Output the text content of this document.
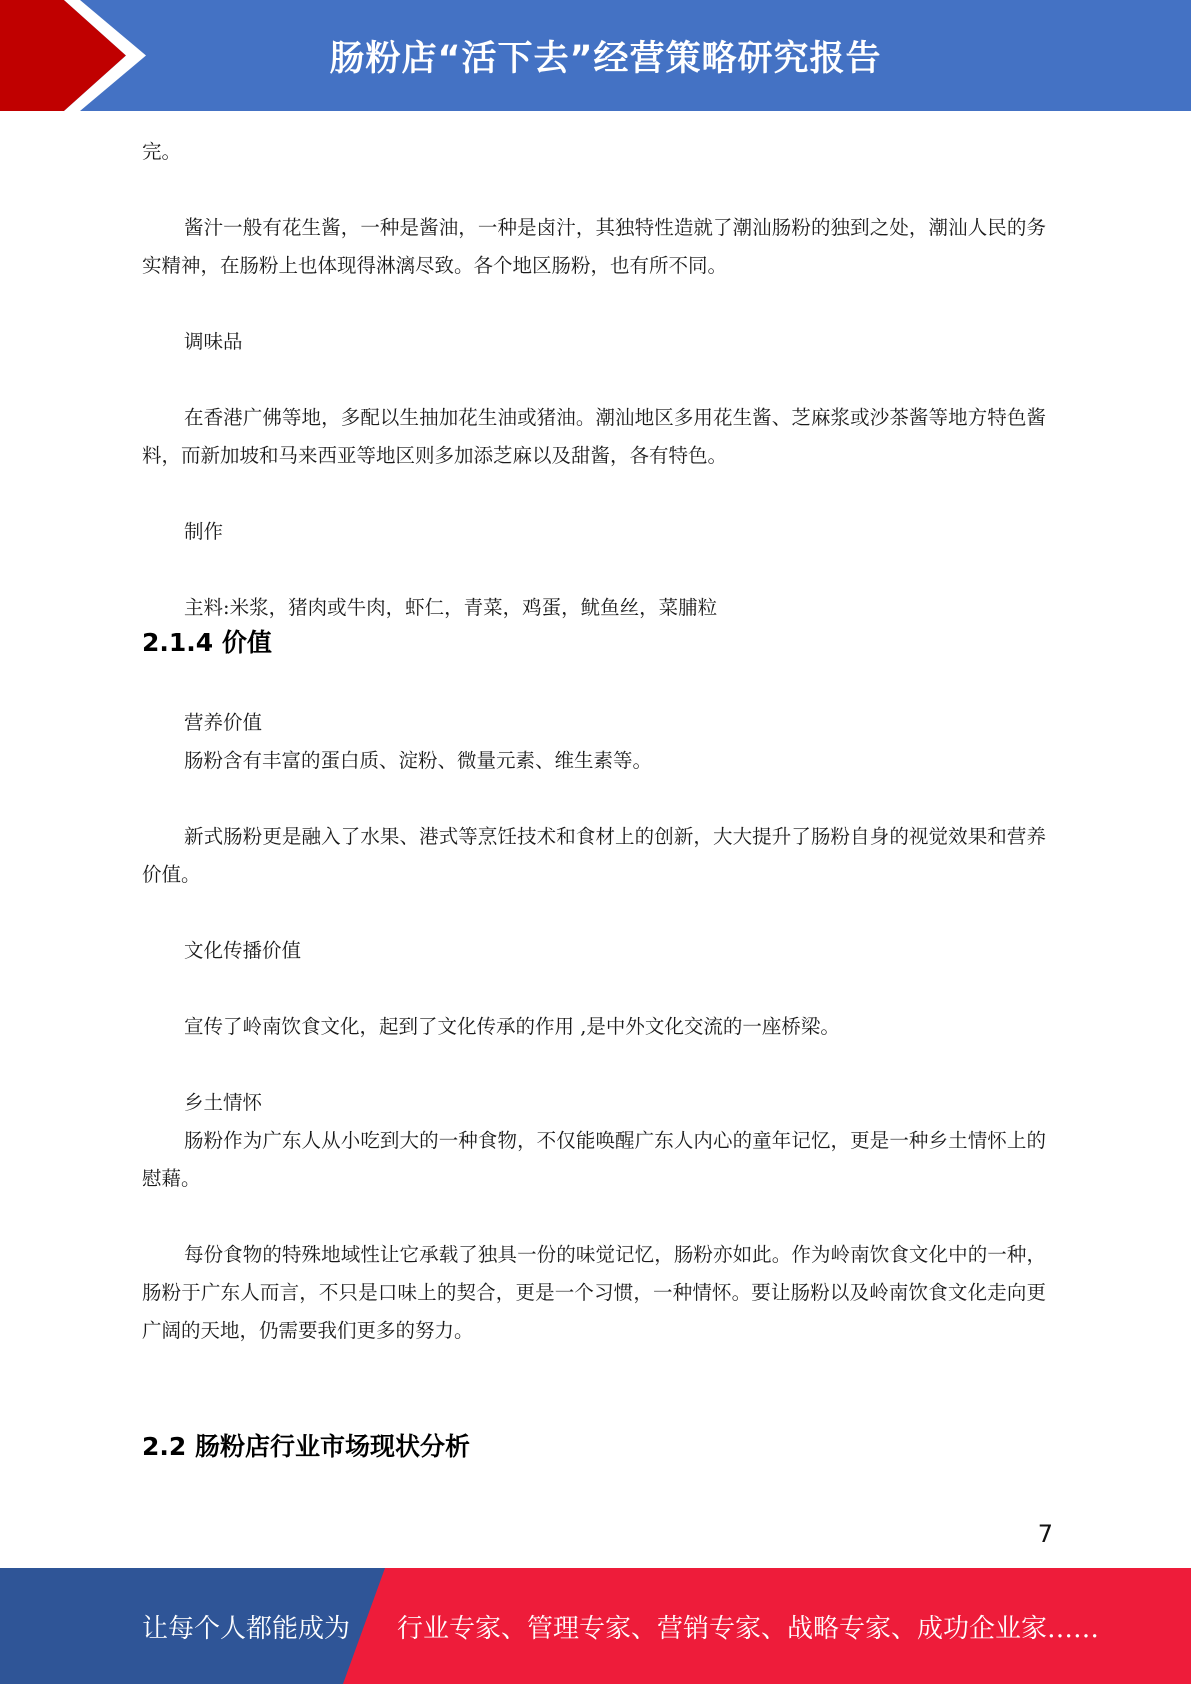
肠粉店“活下去”经营策略研究报告

完。

酱汁一般有花生酱，一种是酱油，一种是卤汁，其独特性造就了潮汕肠粉的独到之处，潮汕人民的务实精神，在肠粉上也体现得淋漓尽致。各个地区肠粉，也有所不同。

调味品

在香港广佛等地，多配以生抽加花生油或猪油。潮汕地区多用花生酱、芝麻浆或沙茶酱等地方特色酱料，而新加坡和马来西亚等地区则多加添芝麻以及甜酱，各有特色。

制作

主料:米浆，猪肉或牛肉，虾仁，青菜，鸡蛋，鱿鱼丝，菜脯粒

2.1.4 价值

营养价值

肠粉含有丰富的蛋白质、淀粉、微量元素、维生素等。

新式肠粉更是融入了水果、港式等烹饪技术和食材上的创新，大大提升了肠粉自身的视觉效果和营养价值。

文化传播价值

宣传了岭南饮食文化，起到了文化传承的作用 ,是中外文化交流的一座桥梁。

乡土情怀

肠粉作为广东人从小吃到大的一种食物，不仅能唤醒广东人内心的童年记忆，更是一种乡土情怀上的慰藉。

每份食物的特殊地域性让它承载了独具一份的味觉记忆，肠粉亦如此。作为岭南饮食文化中的一种，肠粉于广东人而言，不只是口味上的契合，更是一个习惯，一种情怀。要让肠粉以及岭南饮食文化走向更广阔的天地，仍需要我们更多的努力。

2.2 肠粉店行业市场现状分析
7
让每个人都能成为 行业专家、管理专家、营销专家、战略专家、成功企业家……
